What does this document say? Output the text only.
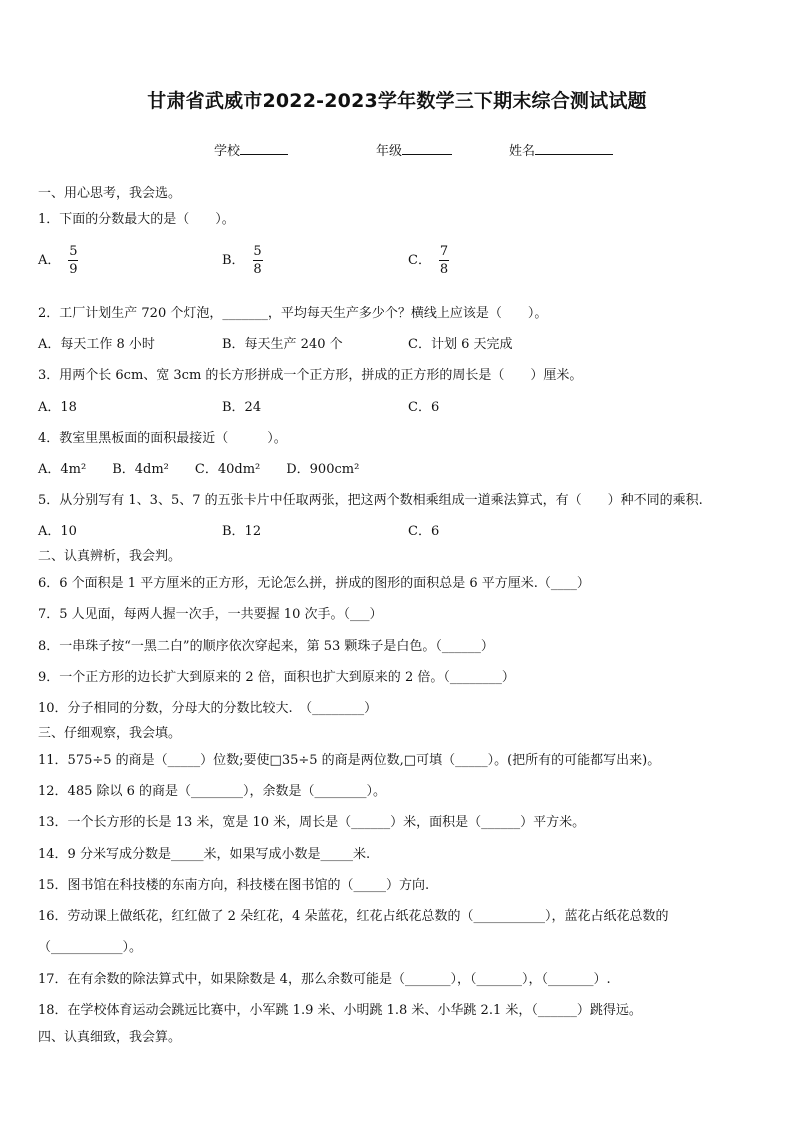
甘肃省武威市2022-2023学年数学三下期末综合测试试题
学校	年级	姓名
一、用心思考，我会选。
1．下面的分数最大的是（　　）。
A． $\frac{5}{9}$	B． $\frac{5}{8}$	C． $\frac{7}{8}$
2．工厂计划生产 720 个灯泡，_______，平均每天生产多少个？横线上应该是（　　）。
A．每天工作 8 小时	B．每天生产 240 个	C．计划 6 天完成
3．用两个长 6cm、宽 3cm 的长方形拼成一个正方形，拼成的正方形的周长是（　　）厘米。
A．18	B．24	C．6
4．教室里黑板面的面积最接近（　　　）。
A．4m²　　B．4dm²　　C．40dm²　　D．900cm²
5．从分别写有 1、3、5、7 的五张卡片中任取两张，把这两个数相乘组成一道乘法算式，有（　　）种不同的乘积.
A．10	B．12	C．6
二、认真辨析，我会判。
6．6 个面积是 1 平方厘米的正方形，无论怎么拼，拼成的图形的面积总是 6 平方厘米.（____）
7．5 人见面，每两人握一次手，一共要握 10 次手。（___）
8．一串珠子按“一黑二白”的顺序依次穿起来，第 53 颗珠子是白色。（______）
9．一个正方形的边长扩大到原来的 2 倍，面积也扩大到原来的 2 倍。（________）
10．分子相同的分数，分母大的分数比较大.　（________）
三、仔细观察，我会填。
11．575÷5 的商是（_____）位数;要使□35÷5 的商是两位数,□可填（_____）。(把所有的可能都写出来)。
12．485 除以 6 的商是（________），余数是（________）。
13．一个长方形的长是 13 米，宽是 10 米，周长是（______）米，面积是（______）平方米。
14．9 分米写成分数是_____米，如果写成小数是_____米.
15．图书馆在科技楼的东南方向，科技楼在图书馆的（_____）方向.
16．劳动课上做纸花，红红做了 2 朵红花，4 朵蓝花，红花占纸花总数的（___________），蓝花占纸花总数的
（___________）。
17．在有余数的除法算式中，如果除数是 4，那么余数可能是（_______），（_______），（_______）.
18．在学校体育运动会跳远比赛中，小军跳 1.9 米、小明跳 1.8 米、小华跳 2.1 米，（______）跳得远。
四、认真细致，我会算。
